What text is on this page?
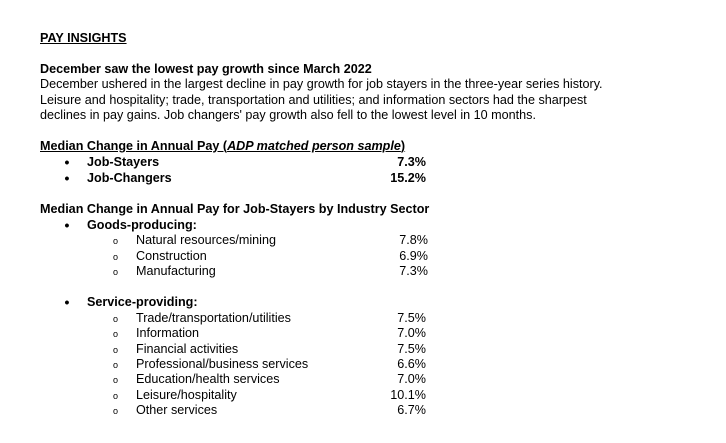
PAY INSIGHTS
December saw the lowest pay growth since March 2022

December ushered in the largest decline in pay growth for job stayers in the three-year series history.

Leisure and hospitality; trade, transportation and utilities; and information sectors had the sharpest

declines in pay gains. Job changers' pay growth also fell to the lowest level in 10 months.

Median Change in Annual Pay (ADP matched person sample)
• Job-Stayers	7.3%
• Job-Changers	15.2%
Median Change in Annual Pay for Job-Stayers by Industry Sector
• Goods-producing:
o Natural resources/mining	7.8%
o Construction	6.9%
o Manufacturing	7.3%
• Service-providing:
o Trade/transportation/utilities	7.5%
o Information	7.0%
o Financial activities	7.5%
o Professional/business services	6.6%
o Education/health services	7.0%
o Leisure/hospitality	10.1%
o Other services	6.7%
